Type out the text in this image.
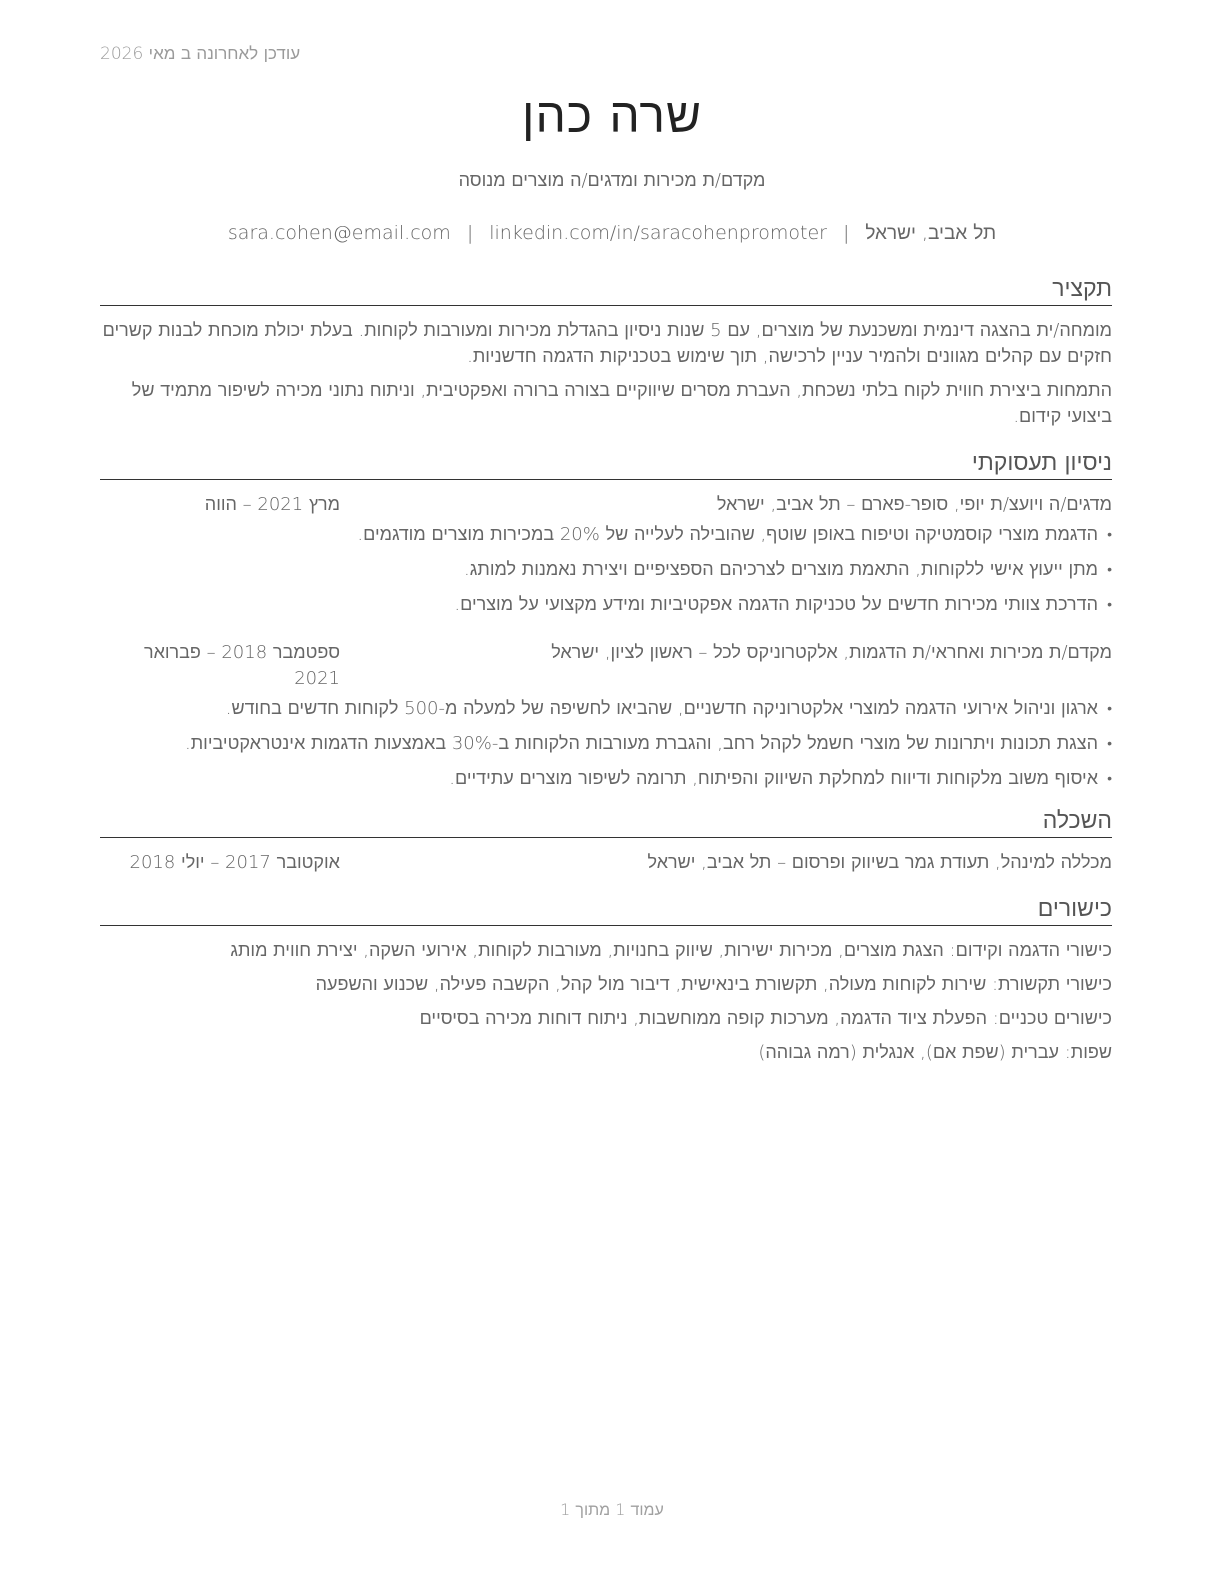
עודכן לאחרונה ב מאי 2026
שרה כהן
מקדם/ת מכירות ומדגים/ה מוצרים מנוסה
תל אביב, ישראל|sara.cohen@email.com | linkedin.com/in/saracohenpromoter
תקציר

מומחה/ית בהצגה דינמית ומשכנעת של מוצרים, עם 5 שנות ניסיון בהגדלת מכירות ומעורבות לקוחות. בעלת יכולת מוכחת לבנות קשרים חזקים עם קהלים מגוונים ולהמיר עניין לרכישה, תוך שימוש בטכניקות הדגמה חדשניות.

התמחות ביצירת חווית לקוח בלתי נשכחת, העברת מסרים שיווקיים בצורה ברורה ואפקטיבית, וניתוח נתוני מכירה לשיפור מתמיד של ביצועי קידום.

ניסיון תעסוקתי
מדגים/ה ויועצ/ת יופי, סופר-פארם – תל אביב, ישראל
מרץ 2021 – הווה
• הדגמת מוצרי קוסמטיקה וטיפוח באופן שוטף, שהובילה לעלייה של 20% במכירות מוצרים מודגמים.
• מתן ייעוץ אישי ללקוחות, התאמת מוצרים לצרכיהם הספציפיים ויצירת נאמנות למותג.
• הדרכת צוותי מכירות חדשים על טכניקות הדגמה אפקטיביות ומידע מקצועי על מוצרים.
מקדם/ת מכירות ואחראי/ת הדגמות, אלקטרוניקס לכל – ראשון לציון, ישראל
ספטמבר 2018 – פברואר 2021
• ארגון וניהול אירועי הדגמה למוצרי אלקטרוניקה חדשניים, שהביאו לחשיפה של למעלה מ-500 לקוחות חדשים בחודש.
• הצגת תכונות ויתרונות של מוצרי חשמל לקהל רחב, והגברת מעורבות הלקוחות ב-30% באמצעות הדגמות אינטראקטיביות.
• איסוף משוב מלקוחות ודיווח למחלקת השיווק והפיתוח, תרומה לשיפור מוצרים עתידיים.
השכלה
מכללה למינהל, תעודת גמר בשיווק ופרסום – תל אביב, ישראל
אוקטובר 2017 – יולי 2018
כישורים
כישורי הדגמה וקידום: הצגת מוצרים, מכירות ישירות, שיווק בחנויות, מעורבות לקוחות, אירועי השקה, יצירת חווית מותג
כישורי תקשורת: שירות לקוחות מעולה, תקשורת בינאישית, דיבור מול קהל, הקשבה פעילה, שכנוע והשפעה
כישורים טכניים: הפעלת ציוד הדגמה, מערכות קופה ממוחשבות, ניתוח דוחות מכירה בסיסיים
שפות: עברית (שפת אם), אנגלית (רמה גבוהה)
עמוד 1 מתוך 1
